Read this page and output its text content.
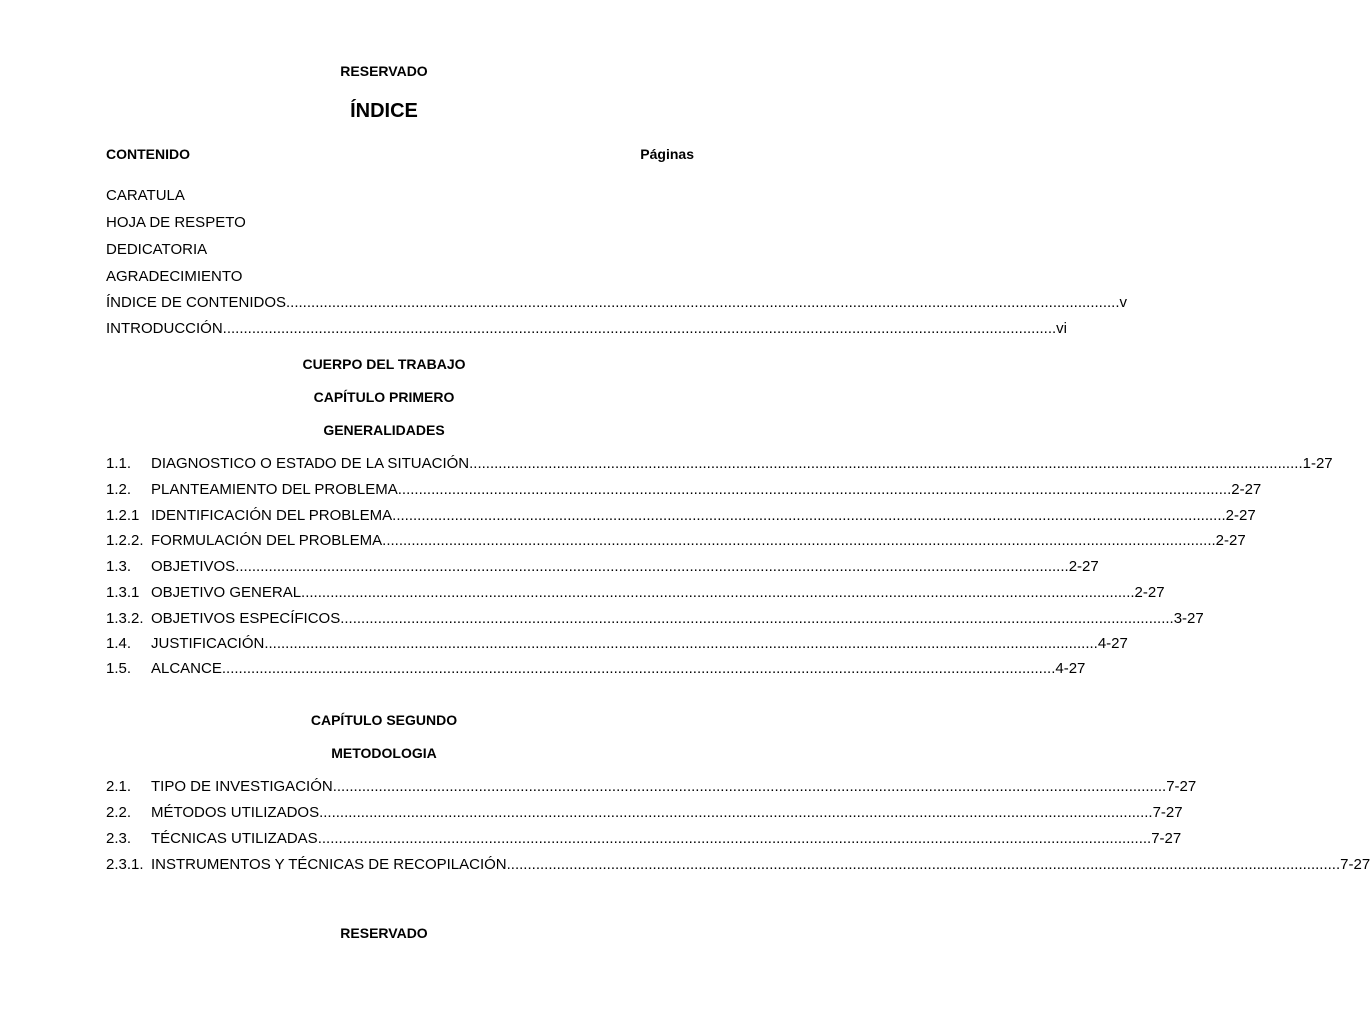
RESERVADO
ÍNDICE
CONTENIDO	Páginas
CARATULA
HOJA DE RESPETO
DEDICATORIA
AGRADECIMIENTO
ÍNDICE DE CONTENIDOS ........................................................................................................................................................................................................ v
INTRODUCCIÓN ........................................................................................................................................................................................................ vi
CUERPO DEL TRABAJO
CAPÍTULO PRIMERO
GENERALIDADES
1.1.	DIAGNOSTICO O ESTADO DE LA SITUACIÓN ........................................................................................................................................................................................................ 1-27
1.2.	PLANTEAMIENTO DEL PROBLEMA ........................................................................................................................................................................................................ 2-27
1.2.1 IDENTIFICACIÓN DEL PROBLEMA ........................................................................................................................................................................................................ 2-27
1.2.2. FORMULACIÓN DEL PROBLEMA ........................................................................................................................................................................................................ 2-27
1.3.	OBJETIVOS ........................................................................................................................................................................................................ 2-27
1.3.1 OBJETIVO GENERAL ........................................................................................................................................................................................................ 2-27
1.3.2. OBJETIVOS ESPECÍFICOS ........................................................................................................................................................................................................ 3-27
1.4.	JUSTIFICACIÓN ........................................................................................................................................................................................................ 4-27
1.5.	ALCANCE ........................................................................................................................................................................................................ 4-27
CAPÍTULO SEGUNDO
METODOLOGIA
2.1.	TIPO DE INVESTIGACIÓN ........................................................................................................................................................................................................ 7-27
2.2.	MÉTODOS UTILIZADOS ........................................................................................................................................................................................................ 7-27
2.3.	TÉCNICAS UTILIZADAS ........................................................................................................................................................................................................ 7-27
2.3.1. INSTRUMENTOS Y TÉCNICAS DE RECOPILACIÓN ........................................................................................................................................................................................................ 7-27
RESERVADO
